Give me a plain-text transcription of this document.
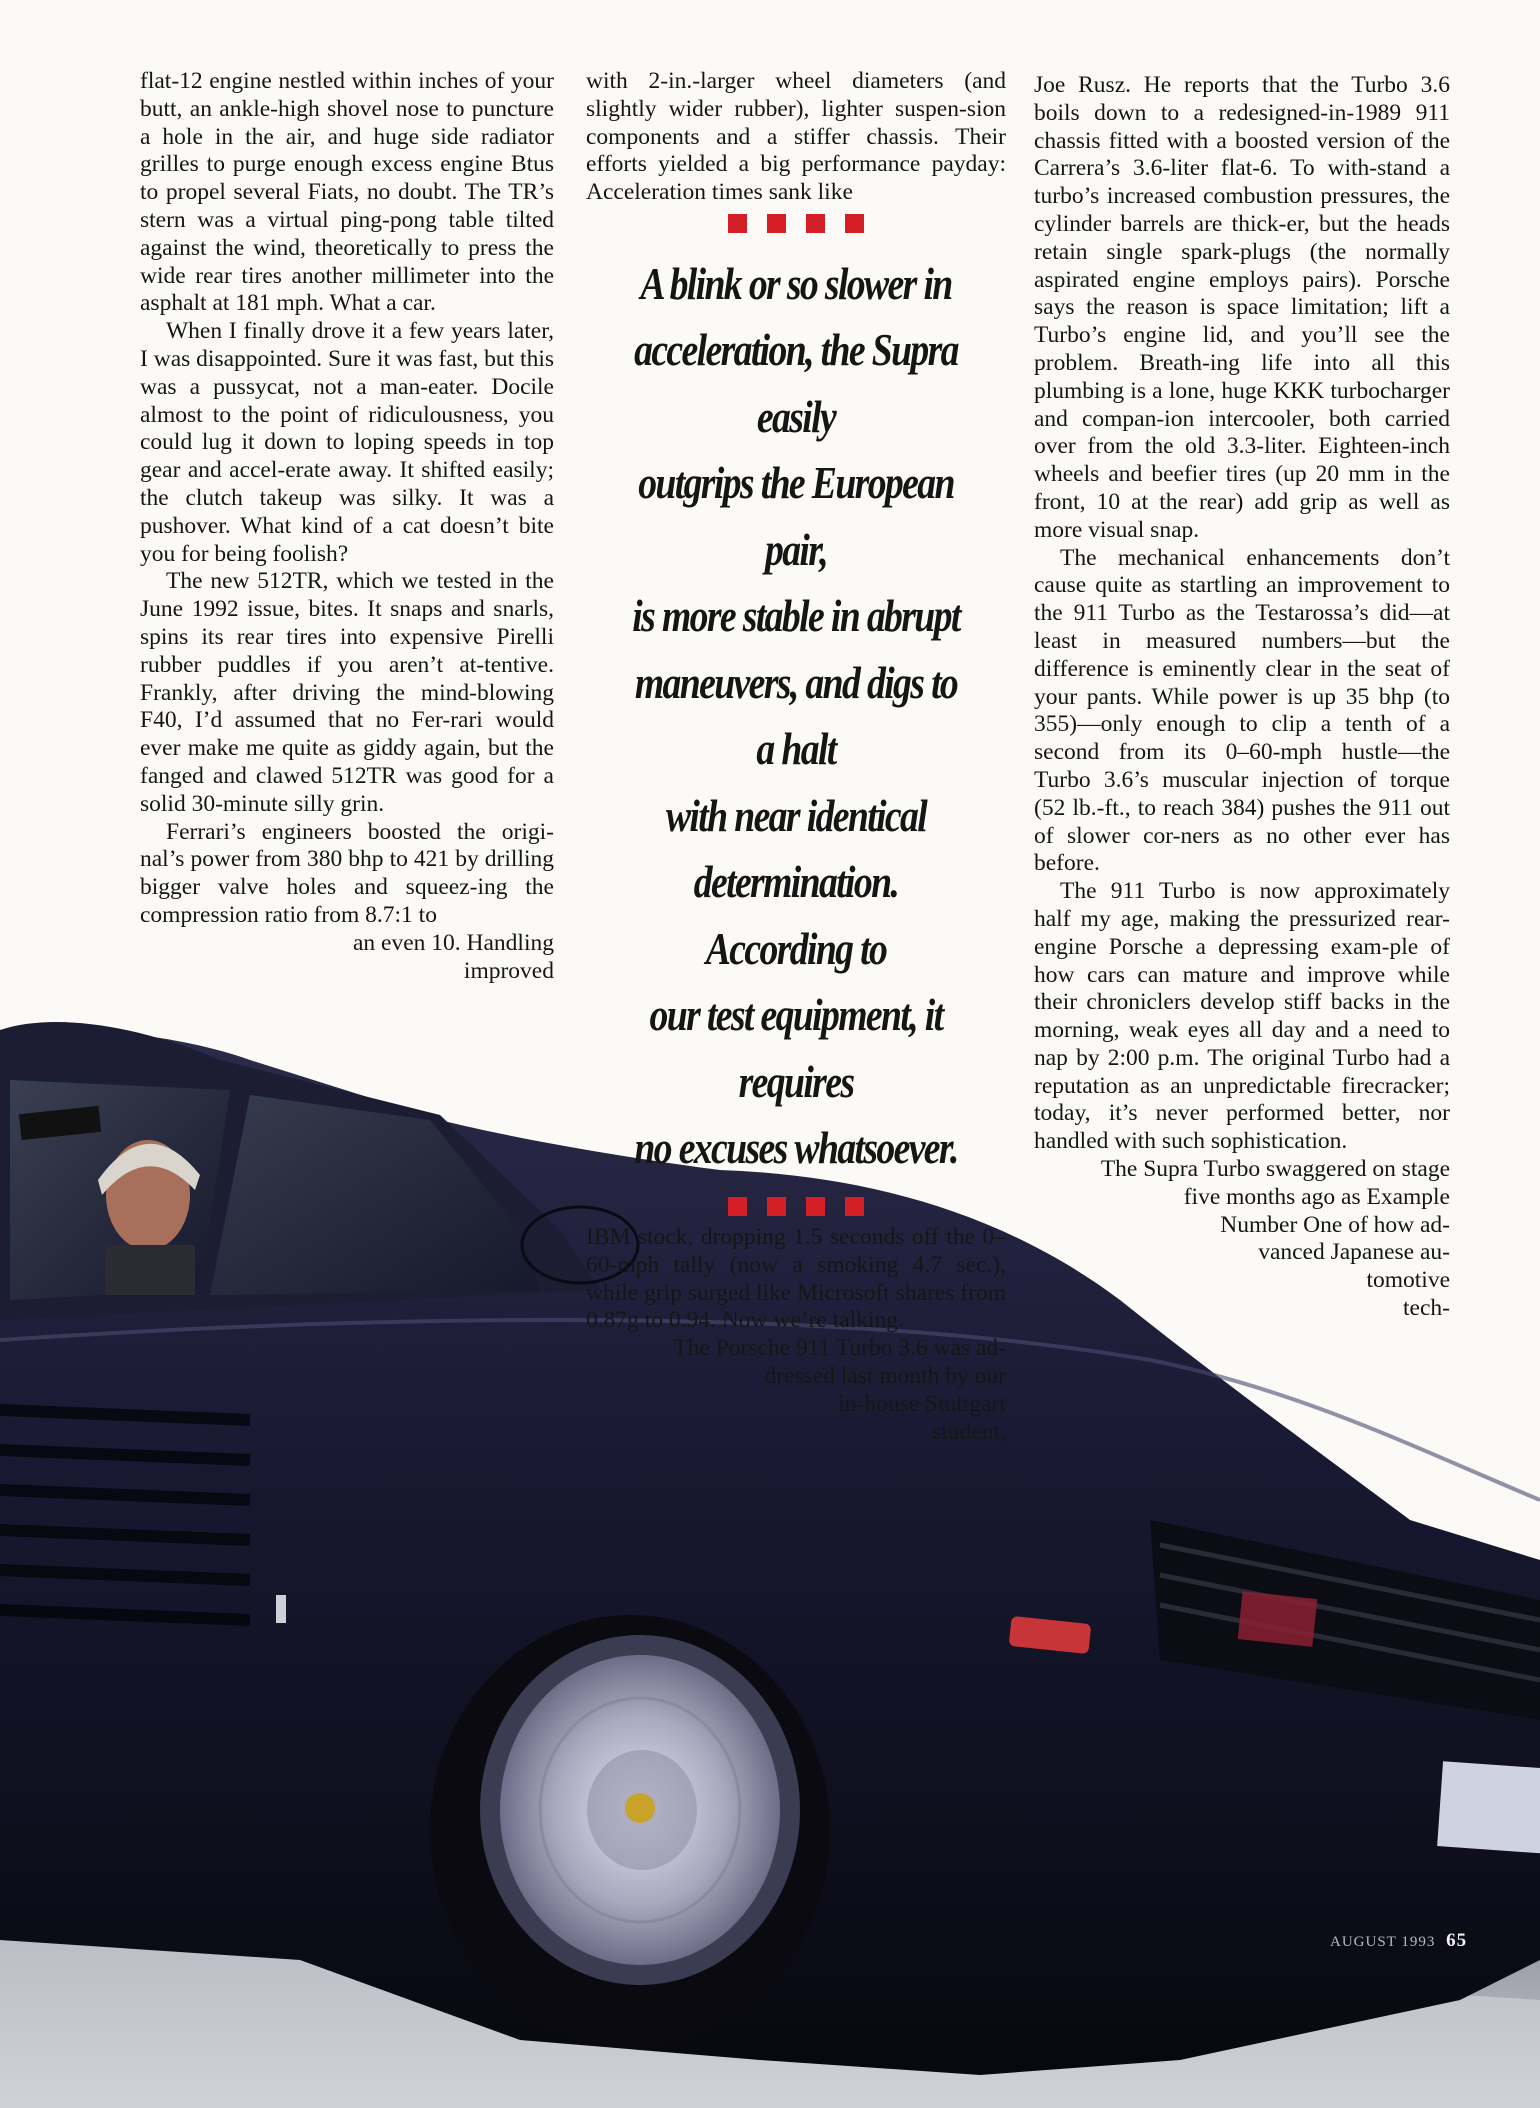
flat-12 engine nestled within inches of your butt, an ankle-high shovel nose to puncture a hole in the air, and huge side radiator grilles to purge enough excess engine Btus to propel several Fiats, no doubt. The TR’s stern was a virtual ping-pong table tilted against the wind, theoretically to press the wide rear tires another millimeter into the asphalt at 181 mph. What a car.

When I finally drove it a few years later, I was disappointed. Sure it was fast, but this was a pussycat, not a man-eater. Docile almost to the point of ridiculousness, you could lug it down to loping speeds in top gear and accel-erate away. It shifted easily; the clutch takeup was silky. It was a pushover. What kind of a cat doesn’t bite you for being foolish?

The new 512TR, which we tested in the June 1992 issue, bites. It snaps and snarls, spins its rear tires into expensive Pirelli rubber puddles if you aren’t at-tentive. Frankly, after driving the mind-blowing F40, I’d assumed that no Fer-rari would ever make me quite as giddy again, but the fanged and clawed 512TR was good for a solid 30-minute silly grin.

Ferrari’s engineers boosted the origi-nal’s power from 380 bhp to 421 by drilling bigger valve holes and squeez-ing the compression ratio from 8.7:1 to

an even 10. Handling

improved

with 2-in.-larger wheel diameters (and slightly wider rubber), lighter suspen-sion components and a stiffer chassis. Their efforts yielded a big performance payday: Acceleration times sank like

A blink or so slower in
acceleration, the Supra easily
outgrips the European pair,
is more stable in abrupt
maneuvers, and digs to a halt
with near identical
determination. According to
our test equipment, it requires
no excuses whatsoever.

IBM stock, dropping 1.5 seconds off the 0–60-mph tally (now a smoking 4.7 sec.), while grip surged like Microsoft shares from 0.87g to 0.94. Now we’re talking.

The Porsche 911 Turbo 3.6 was ad-

dressed last month by our

in-house Stuttgart

student,

Joe Rusz. He reports that the Turbo 3.6 boils down to a redesigned-in-1989 911 chassis fitted with a boosted version of the Carrera’s 3.6-liter flat-6. To with-stand a turbo’s increased combustion pressures, the cylinder barrels are thick-er, but the heads retain single spark-plugs (the normally aspirated engine employs pairs). Porsche says the reason is space limitation; lift a Turbo’s engine lid, and you’ll see the problem. Breath-ing life into all this plumbing is a lone, huge KKK turbocharger and compan-ion intercooler, both carried over from the old 3.3-liter. Eighteen-inch wheels and beefier tires (up 20 mm in the front, 10 at the rear) add grip as well as more visual snap.

The mechanical enhancements don’t cause quite as startling an improvement to the 911 Turbo as the Testarossa’s did—at least in measured numbers—but the difference is eminently clear in the seat of your pants. While power is up 35 bhp (to 355)—only enough to clip a tenth of a second from its 0–60-mph hustle—the Turbo 3.6’s muscular injection of torque (52 lb.-ft., to reach 384) pushes the 911 out of slower cor-ners as no other ever has before.

The 911 Turbo is now approximately half my age, making the pressurized rear-engine Porsche a depressing exam-ple of how cars can mature and improve while their chroniclers develop stiff backs in the morning, weak eyes all day and a need to nap by 2:00 p.m. The original Turbo had a reputation as an unpredictable firecracker; today, it’s never performed better, nor handled with such sophistication.

The Supra Turbo swaggered on stage

five months ago as Example

Number One of how ad-

vanced Japanese au-

tomotive

tech-

AUGUST 1993 65
